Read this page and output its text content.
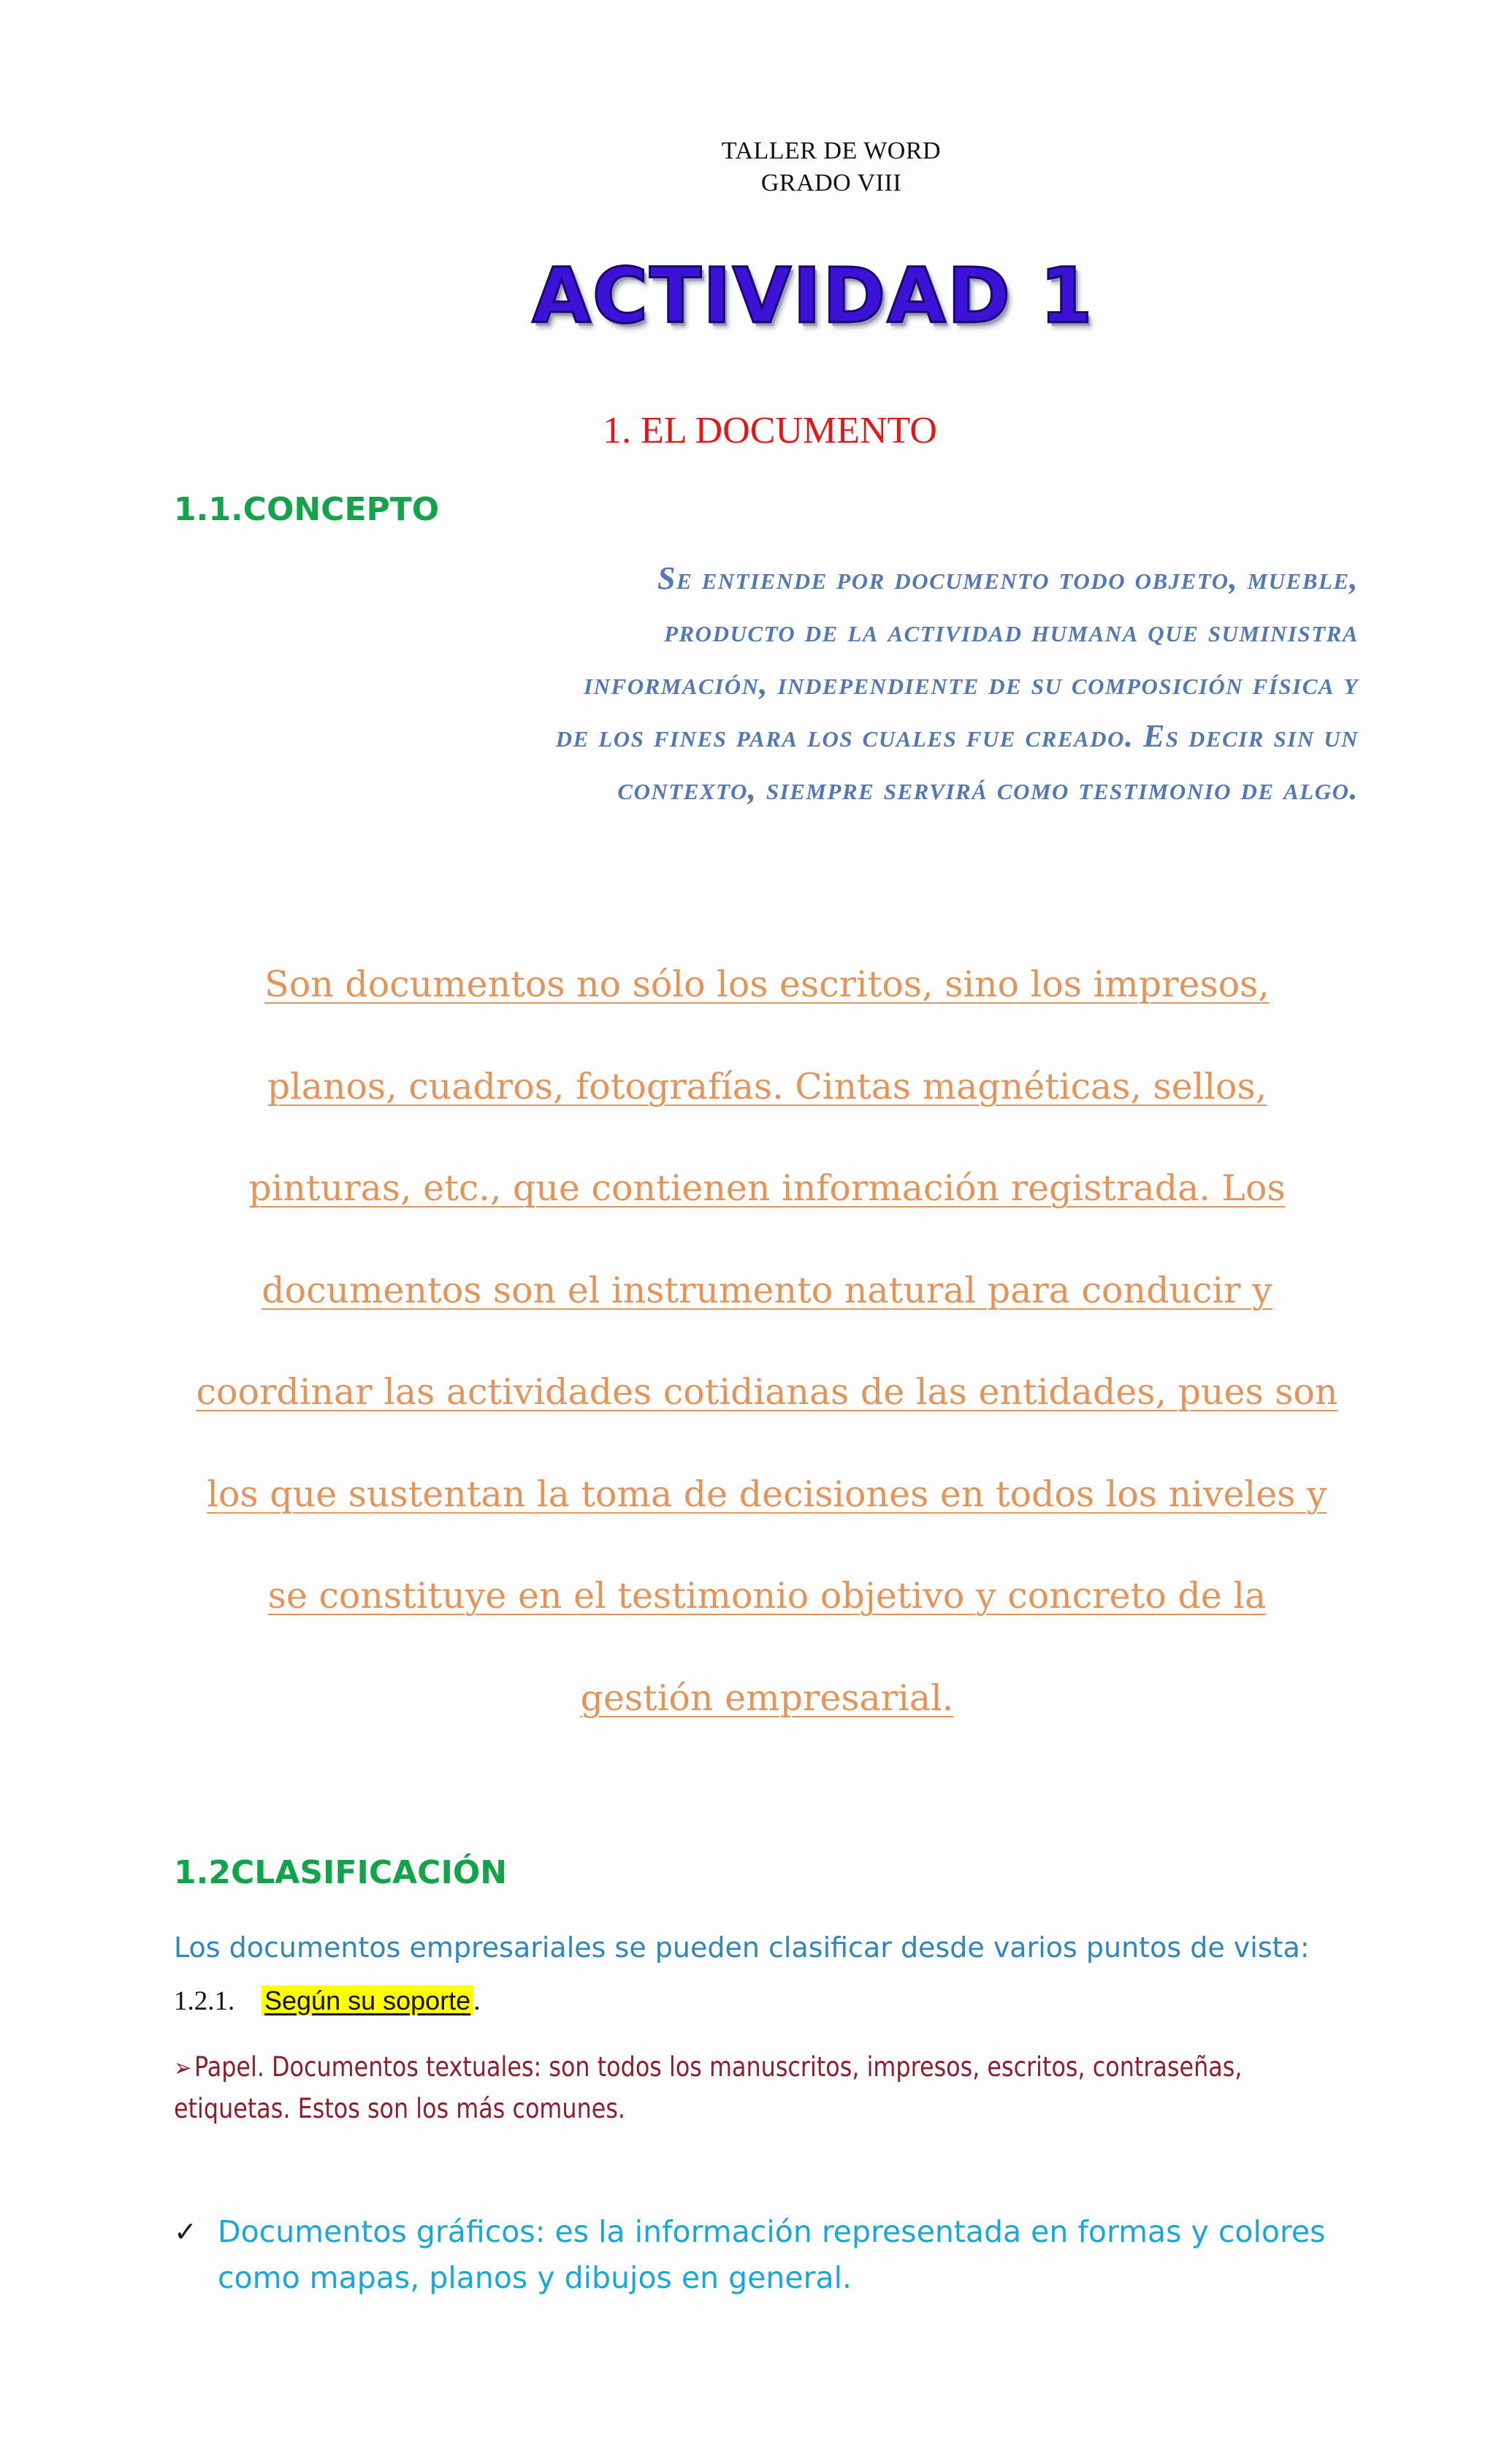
TALLER DE WORD
GRADO VIII
ACTIVIDAD 1
1. EL DOCUMENTO
1.1.CONCEPTO
Se entiende por documento todo objeto, mueble,
producto de la actividad humana que suministra
información, independiente de su composición física y
de los fines para los cuales fue creado. Es decir sin un
contexto, siempre servirá como testimonio de algo.
Son documentos no sólo los escritos, sino los impresos,
planos, cuadros, fotografías. Cintas magnéticas, sellos,
pinturas, etc., que contienen información registrada. Los
documentos son el instrumento natural para conducir y
coordinar las actividades cotidianas de las entidades, pues son
los que sustentan la toma de decisiones en todos los niveles y
se constituye en el testimonio objetivo y concreto de la
gestión empresarial.
1.2CLASIFICACIÓN
Los documentos empresariales se pueden clasificar desde varios puntos de vista:
1.2.1. Según su soporte .
➢Papel. Documentos textuales: son todos los manuscritos, impresos, escritos, contraseñas, etiquetas. Estos son los más comunes.
✓ Documentos gráficos: es la información representada en formas y colores como mapas, planos y dibujos en general.
